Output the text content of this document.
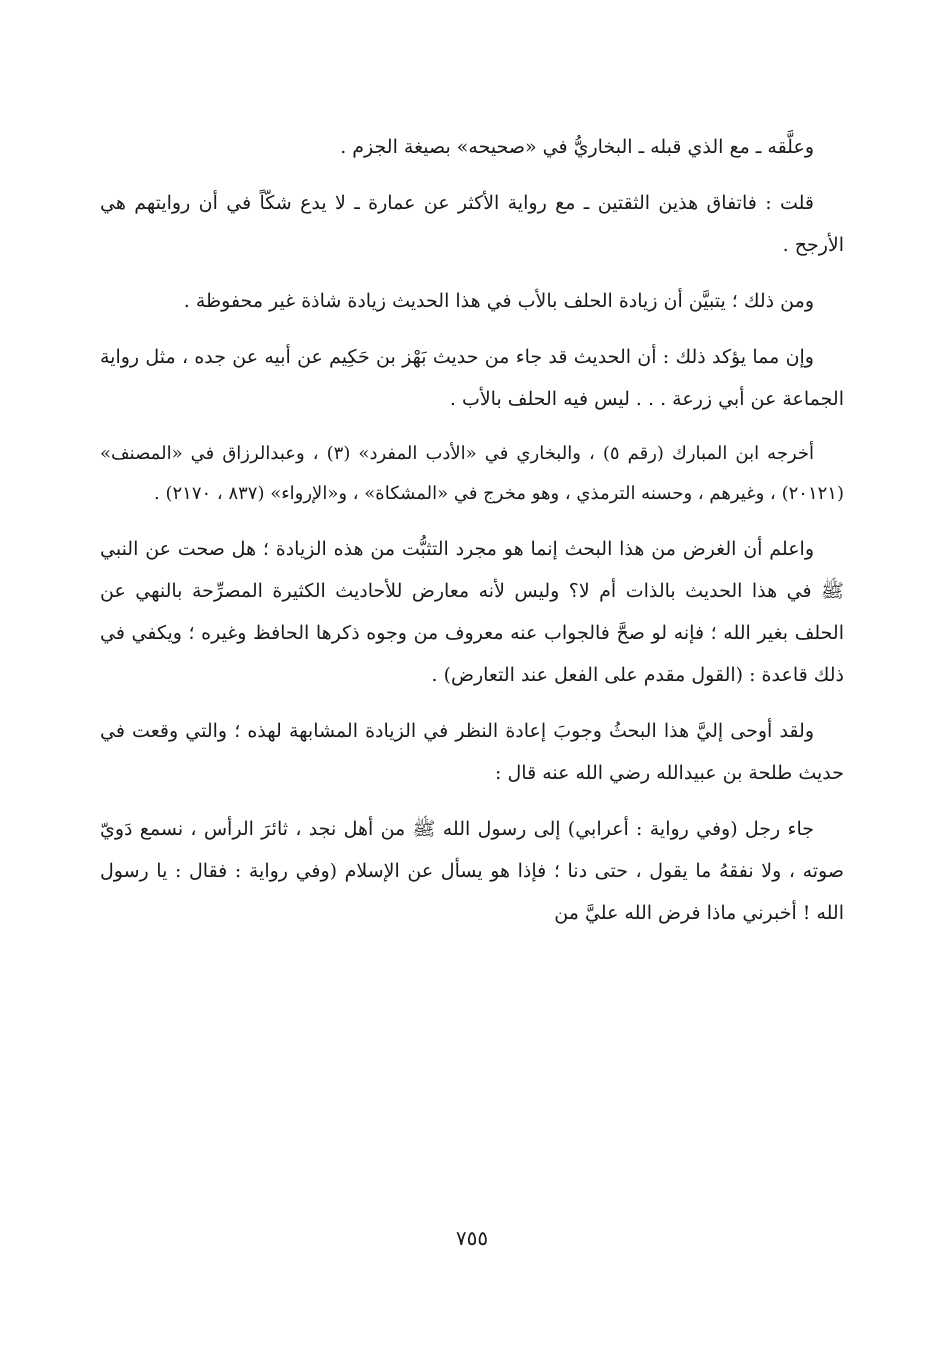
وعلَّقه ـ مع الذي قبله ـ البخاريُّ في «صحيحه» بصيغة الجزم .

قلت : فاتفاق هذين الثقتين ـ مع رواية الأكثر عن عمارة ـ لا يدع شكّاً في أن روايتهم هي الأرجح .

ومن ذلك ؛ يتبيَّن أن زيادة الحلف بالأب في هذا الحديث زيادة شاذة غير محفوظة .

وإن مما يؤكد ذلك : أن الحديث قد جاء من حديث بَهْز بن حَكِيم عن أبيه عن جده ، مثل رواية الجماعة عن أبي زرعة . . . ليس فيه الحلف بالأب .

أخرجه ابن المبارك (رقم ٥) ، والبخاري في «الأدب المفرد» (٣) ، وعبدالرزاق في «المصنف» (٢٠١٢١) ، وغيرهم ، وحسنه الترمذي ، وهو مخرج في «المشكاة» ، و«الإرواء» (٨٣٧ ، ٢١٧٠) .

واعلم أن الغرض من هذا البحث إنما هو مجرد التثبُّت من هذه الزيادة ؛ هل صحت عن النبي ﷺ في هذا الحديث بالذات أم لا؟ وليس لأنه معارض للأحاديث الكثيرة المصرِّحة بالنهي عن الحلف بغير الله ؛ فإنه لو صحَّ فالجواب عنه معروف من وجوه ذكرها الحافظ وغيره ؛ ويكفي في ذلك قاعدة : (القول مقدم على الفعل عند التعارض) .

ولقد أوحى إليَّ هذا البحثُ وجوبَ إعادة النظر في الزيادة المشابهة لهذه ؛ والتي وقعت في حديث طلحة بن عبيدالله رضي الله عنه قال :

جاء رجل (وفي رواية : أعرابي) إلى رسول الله ﷺ من أهل نجد ، ثائرَ الرأس ، نسمع دَويّ صوته ، ولا نفقهُ ما يقول ، حتى دنا ؛ فإذا هو يسأل عن الإسلام (وفي رواية : فقال : يا رسول الله ! أخبرني ماذا فرض الله عليَّ من

٧٥٥
